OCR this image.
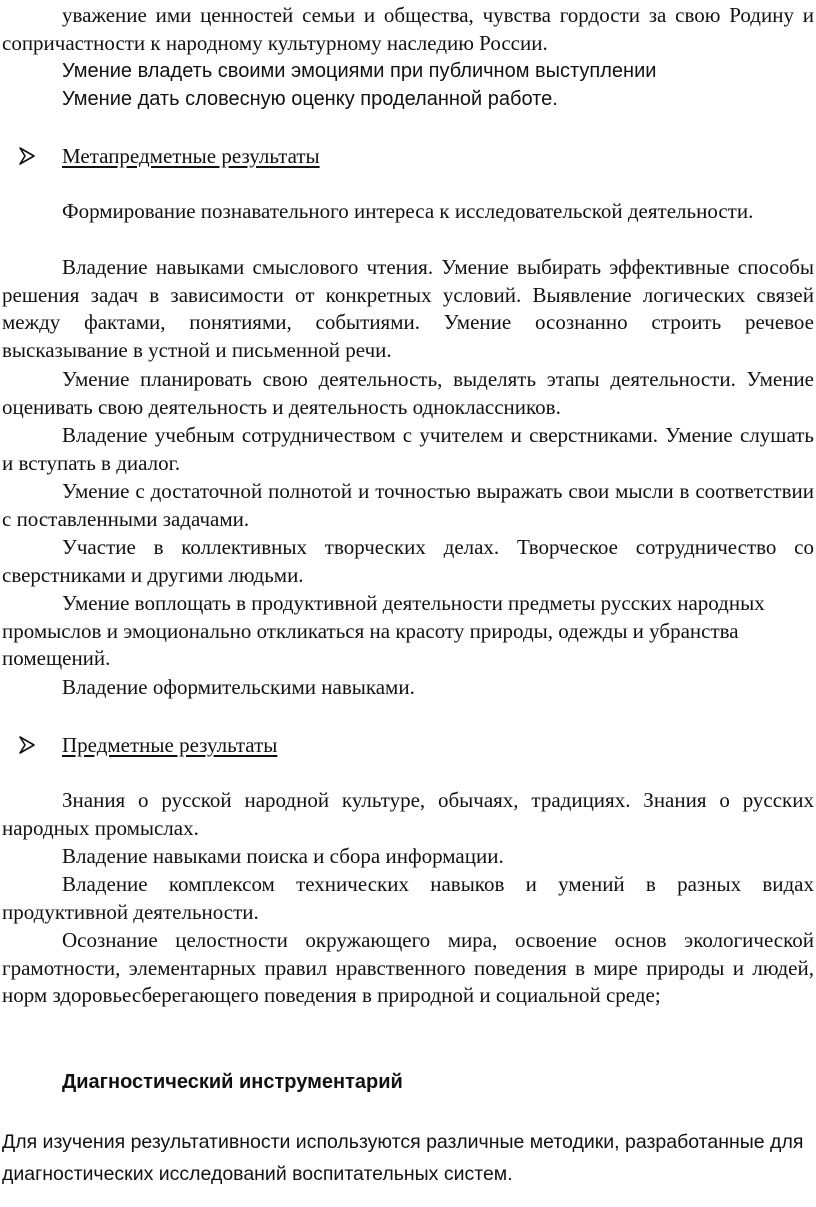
уважение ими ценностей семьи и общества, чувства гордости за свою Родину и сопричастности к народному культурному наследию России.

Умение владеть своими эмоциями при публичном выступлении

Умение дать словесную оценку проделанной работе.

Метапредметные результаты

Формирование познавательного интереса к исследовательской деятельности.

Владение навыками смыслового чтения. Умение выбирать эффективные способы решения задач в зависимости от конкретных условий. Выявление логических связей между фактами, понятиями, событиями. Умение осознанно строить речевое высказывание в устной и письменной речи.

Умение планировать свою деятельность, выделять этапы деятельности. Умение оценивать свою деятельность и деятельность одноклассников.

Владение учебным сотрудничеством с учителем и сверстниками. Умение слушать и вступать в диалог.

Умение с достаточной полнотой и точностью выражать свои мысли в соответствии с поставленными задачами.

Участие в коллективных творческих делах. Творческое сотрудничество со сверстниками и другими людьми.

Умение воплощать в продуктивной деятельности предметы русских народных промыслов и эмоционально откликаться на красоту природы, одежды и убранства помещений.

Владение оформительскими навыками.

Предметные результаты

Знания о русской народной культуре, обычаях, традициях. Знания о русских народных промыслах.

Владение навыками поиска и сбора информации.

Владение комплексом технических навыков и умений в разных видах продуктивной деятельности.

Осознание целостности окружающего мира, освоение основ экологической грамотности, элементарных правил нравственного поведения в мире природы и людей, норм здоровьесберегающего поведения в природной и социальной среде;

Диагностический инструментарий

Для изучения результативности используются различные методики, разработанные для диагностических исследований воспитательных систем.
